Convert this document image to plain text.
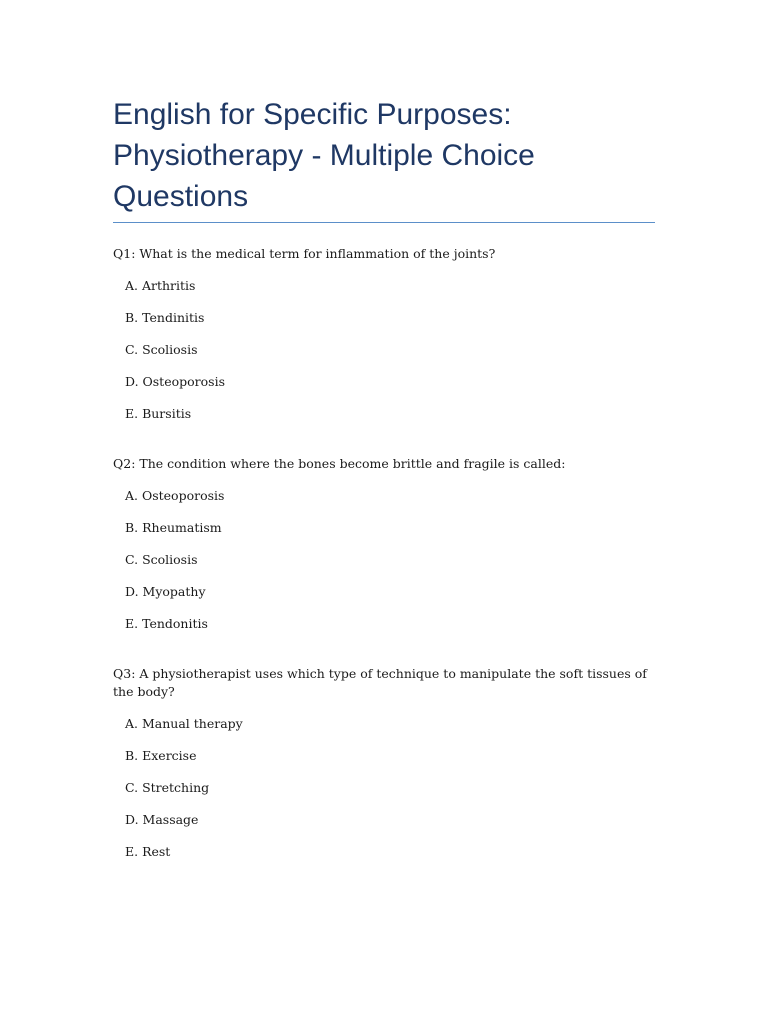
English for Specific Purposes: Physiotherapy - Multiple Choice Questions

Q1: What is the medical term for inflammation of the joints?

A. Arthritis
B. Tendinitis
C. Scoliosis
D. Osteoporosis
E. Bursitis

Q2: The condition where the bones become brittle and fragile is called:

A. Osteoporosis
B. Rheumatism
C. Scoliosis
D. Myopathy
E. Tendonitis

Q3: A physiotherapist uses which type of technique to manipulate the soft tissues of the body?

A. Manual therapy
B. Exercise
C. Stretching
D. Massage
E. Rest
